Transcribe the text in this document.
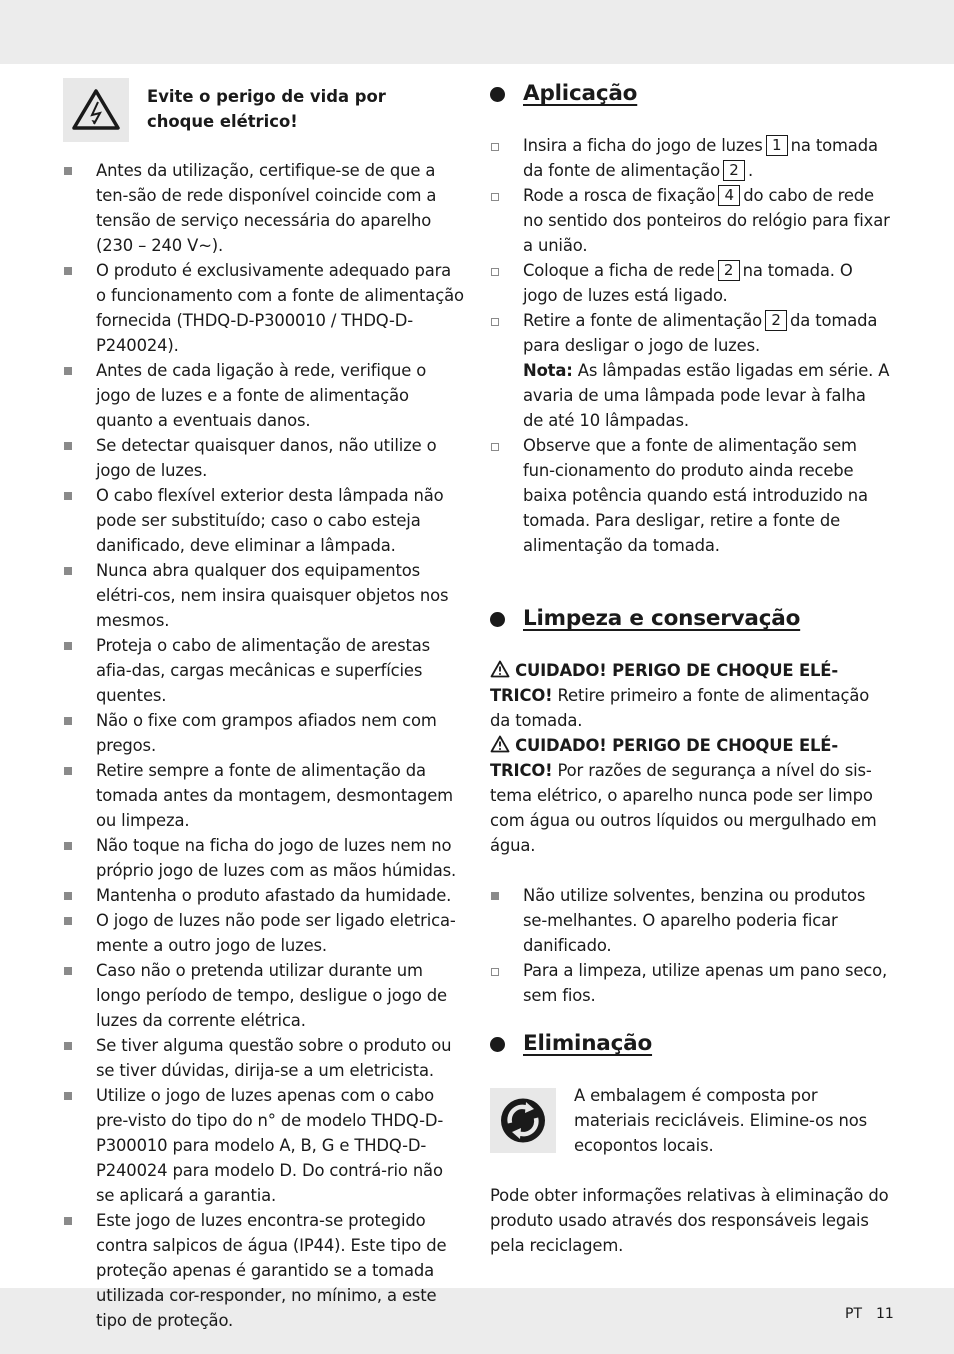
Evite o perigo de vida por choque elétrico!
Antes da utilização, certifique-se de que a ten-são de rede disponível coincide com a tensão de serviço necessária do aparelho (230 – 240 V~).
O produto é exclusivamente adequado para o funcionamento com a fonte de alimentação fornecida (THDQ-D-P300010 / THDQ-D-P240024).
Antes de cada ligação à rede, verifique o jogo de luzes e a fonte de alimentação quanto a eventuais danos.
Se detectar quaisquer danos, não utilize o jogo de luzes.
O cabo flexível exterior desta lâmpada não pode ser substituído; caso o cabo esteja danificado, deve eliminar a lâmpada.
Nunca abra qualquer dos equipamentos elétri-cos, nem insira quaisquer objetos nos mesmos.
Proteja o cabo de alimentação de arestas afia-das, cargas mecânicas e superfícies quentes.
Não o fixe com grampos afiados nem com pregos.
Retire sempre a fonte de alimentação da tomada antes da montagem, desmontagem ou limpeza.
Não toque na ficha do jogo de luzes nem no próprio jogo de luzes com as mãos húmidas.
Mantenha o produto afastado da humidade.
O jogo de luzes não pode ser ligado eletrica-mente a outro jogo de luzes.
Caso não o pretenda utilizar durante um longo período de tempo, desligue o jogo de luzes da corrente elétrica.
Se tiver alguma questão sobre o produto ou se tiver dúvidas, dirija-se a um eletricista.
Utilize o jogo de luzes apenas com o cabo pre-visto do tipo do n° de modelo THDQ-D-P300010 para modelo A, B, G e THDQ-D-P240024 para modelo D. Do contrá-rio não se aplicará a garantia.
Este jogo de luzes encontra-se protegido contra salpicos de água (IP44). Este tipo de proteção apenas é garantido se a tomada utilizada cor-responder, no mínimo, a este tipo de proteção.
Aplicação
Insira a ficha do jogo de luzes 1 na tomada da fonte de alimentação 2 .
Rode a rosca de fixação 4 do cabo de rede no sentido dos ponteiros do relógio para fixar a união.
Coloque a ficha de rede 2 na tomada. O jogo de luzes está ligado.
Retire a fonte de alimentação 2 da tomada para desligar o jogo de luzes.
Nota: As lâmpadas estão ligadas em série. A avaria de uma lâmpada pode levar à falha de até 10 lâmpadas.
Observe que a fonte de alimentação sem fun-cionamento do produto ainda recebe baixa potência quando está introduzido na tomada. Para desligar, retire a fonte de alimentação da tomada.
Limpeza e conservação
CUIDADO! PERIGO DE CHOQUE ELÉ-TRICO! Retire primeiro a fonte de alimentação da tomada.
CUIDADO! PERIGO DE CHOQUE ELÉ-TRICO! Por razões de segurança a nível do sis-tema elétrico, o aparelho nunca pode ser limpo com água ou outros líquidos ou mergulhado em água.
Não utilize solventes, benzina ou produtos se-melhantes. O aparelho poderia ficar danificado.
Para a limpeza, utilize apenas um pano seco, sem fios.
Eliminação
A embalagem é composta por materiais recicláveis. Elimine-os nos ecopontos locais.
Pode obter informações relativas à eliminação do produto usado através dos responsáveis legais pela reciclagem.
PT 11
